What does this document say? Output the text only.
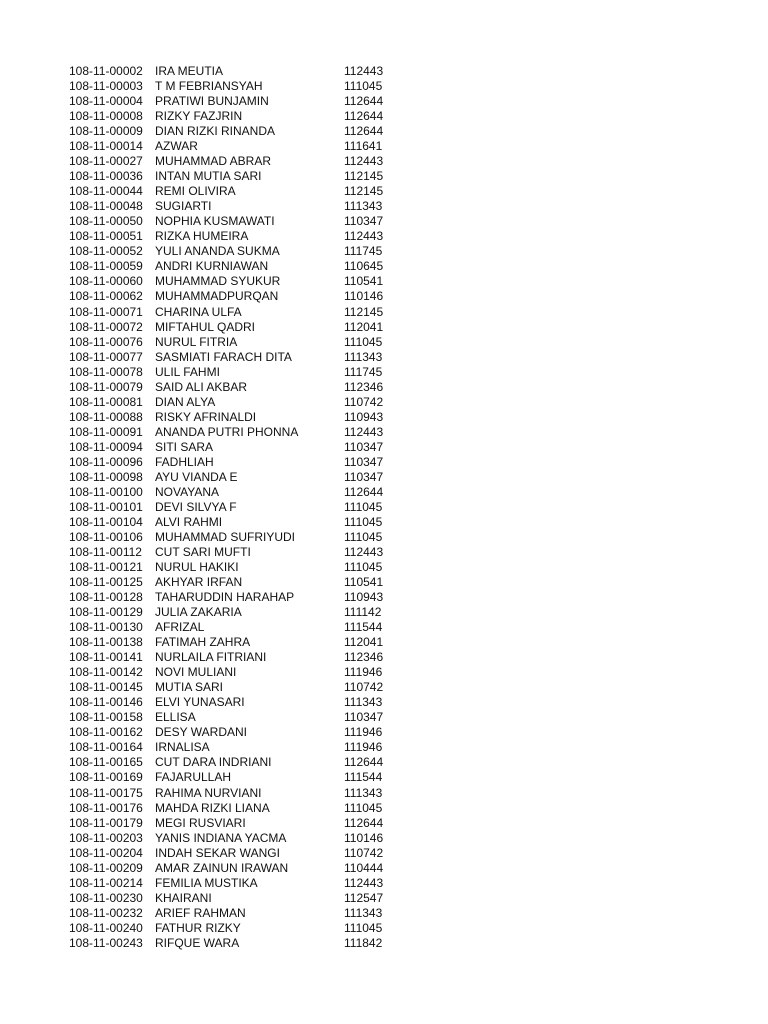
108-11-00002	IRA MEUTIA	112443
108-11-00003	T M FEBRIANSYAH	111045
108-11-00004	PRATIWI BUNJAMIN	112644
108-11-00008	RIZKY FAZJRIN	112644
108-11-00009	DIAN RIZKI RINANDA	112644
108-11-00014	AZWAR	111641
108-11-00027	MUHAMMAD ABRAR	112443
108-11-00036	INTAN MUTIA SARI	112145
108-11-00044	REMI OLIVIRA	112145
108-11-00048	SUGIARTI	111343
108-11-00050	NOPHIA KUSMAWATI	110347
108-11-00051	RIZKA HUMEIRA	112443
108-11-00052	YULI ANANDA SUKMA	111745
108-11-00059	ANDRI KURNIAWAN	110645
108-11-00060	MUHAMMAD SYUKUR	110541
108-11-00062	MUHAMMADPURQAN	110146
108-11-00071	CHARINA ULFA	112145
108-11-00072	MIFTAHUL QADRI	112041
108-11-00076	NURUL FITRIA	111045
108-11-00077	SASMIATI FARACH DITA	111343
108-11-00078	ULIL FAHMI	111745
108-11-00079	SAID ALI AKBAR	112346
108-11-00081	DIAN ALYA	110742
108-11-00088	RISKY AFRINALDI	110943
108-11-00091	ANANDA PUTRI PHONNA	112443
108-11-00094	SITI SARA	110347
108-11-00096	FADHLIAH	110347
108-11-00098	AYU VIANDA E	110347
108-11-00100	NOVAYANA	112644
108-11-00101	DEVI SILVYA F	111045
108-11-00104	ALVI RAHMI	111045
108-11-00106	MUHAMMAD SUFRIYUDI	111045
108-11-00112	CUT SARI MUFTI	112443
108-11-00121	NURUL HAKIKI	111045
108-11-00125	AKHYAR IRFAN	110541
108-11-00128	TAHARUDDIN HARAHAP	110943
108-11-00129	JULIA ZAKARIA	111142
108-11-00130	AFRIZAL	111544
108-11-00138	FATIMAH ZAHRA	112041
108-11-00141	NURLAILA FITRIANI	112346
108-11-00142	NOVI MULIANI	111946
108-11-00145	MUTIA SARI	110742
108-11-00146	ELVI YUNASARI	111343
108-11-00158	ELLISA	110347
108-11-00162	DESY WARDANI	111946
108-11-00164	IRNALISA	111946
108-11-00165	CUT DARA INDRIANI	112644
108-11-00169	FAJARULLAH	111544
108-11-00175	RAHIMA NURVIANI	111343
108-11-00176	MAHDA RIZKI LIANA	111045
108-11-00179	MEGI RUSVIARI	112644
108-11-00203	YANIS INDIANA YACMA	110146
108-11-00204	INDAH SEKAR WANGI	110742
108-11-00209	AMAR ZAINUN IRAWAN	110444
108-11-00214	FEMILIA MUSTIKA	112443
108-11-00230	KHAIRANI	112547
108-11-00232	ARIEF RAHMAN	111343
108-11-00240	FATHUR RIZKY	111045
108-11-00243	RIFQUE WARA	111842
